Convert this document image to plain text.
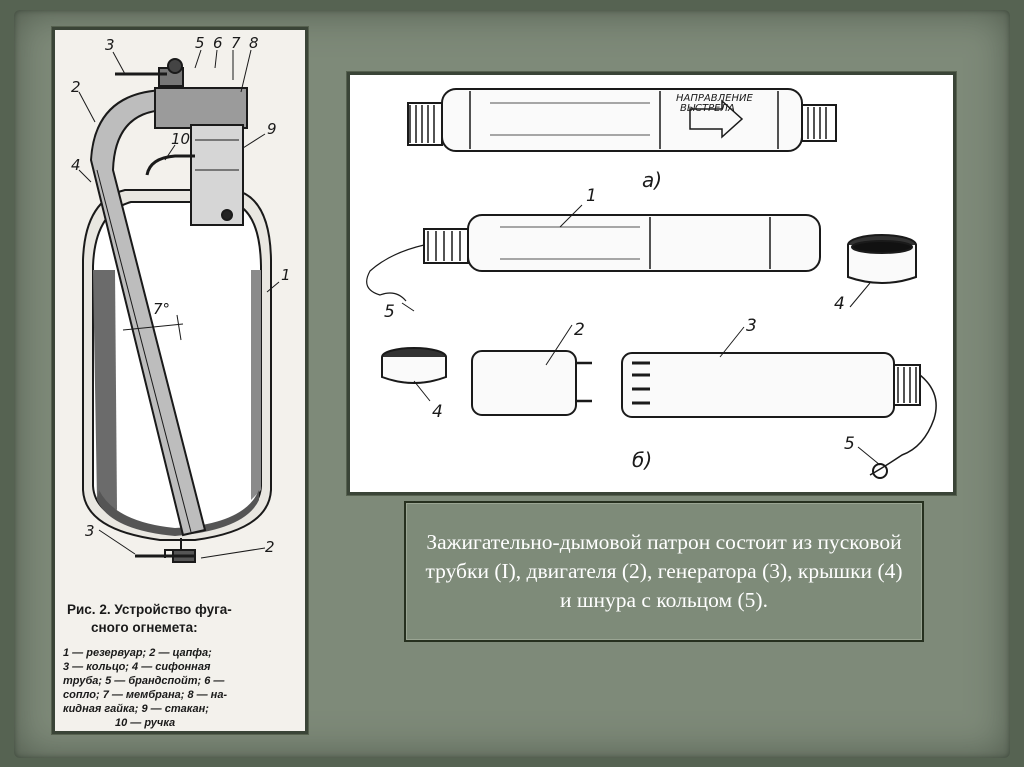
3	5 6 7 8
2
10
9
4
1
7°
3
2
Рис. 2. Устройство фуга-
сного огнемета:
1 — резервуар; 2 — цапфа;
3 — кольцо; 4 — сифонная
труба; 5 — брандспойт; 6 —
сопло; 7 — мембрана; 8 — на-
кидная гайка; 9 — стакан;
10 — ручка
НАПРАВЛЕНИЕ
ВЫСТРЕЛА
а)
б)
1
4
5
2	3
4
5
Зажигательно-дымовой патрон состоит из пусковой трубки (I), двигателя (2), генератора (3), крышки (4) и шнура с кольцом (5).
